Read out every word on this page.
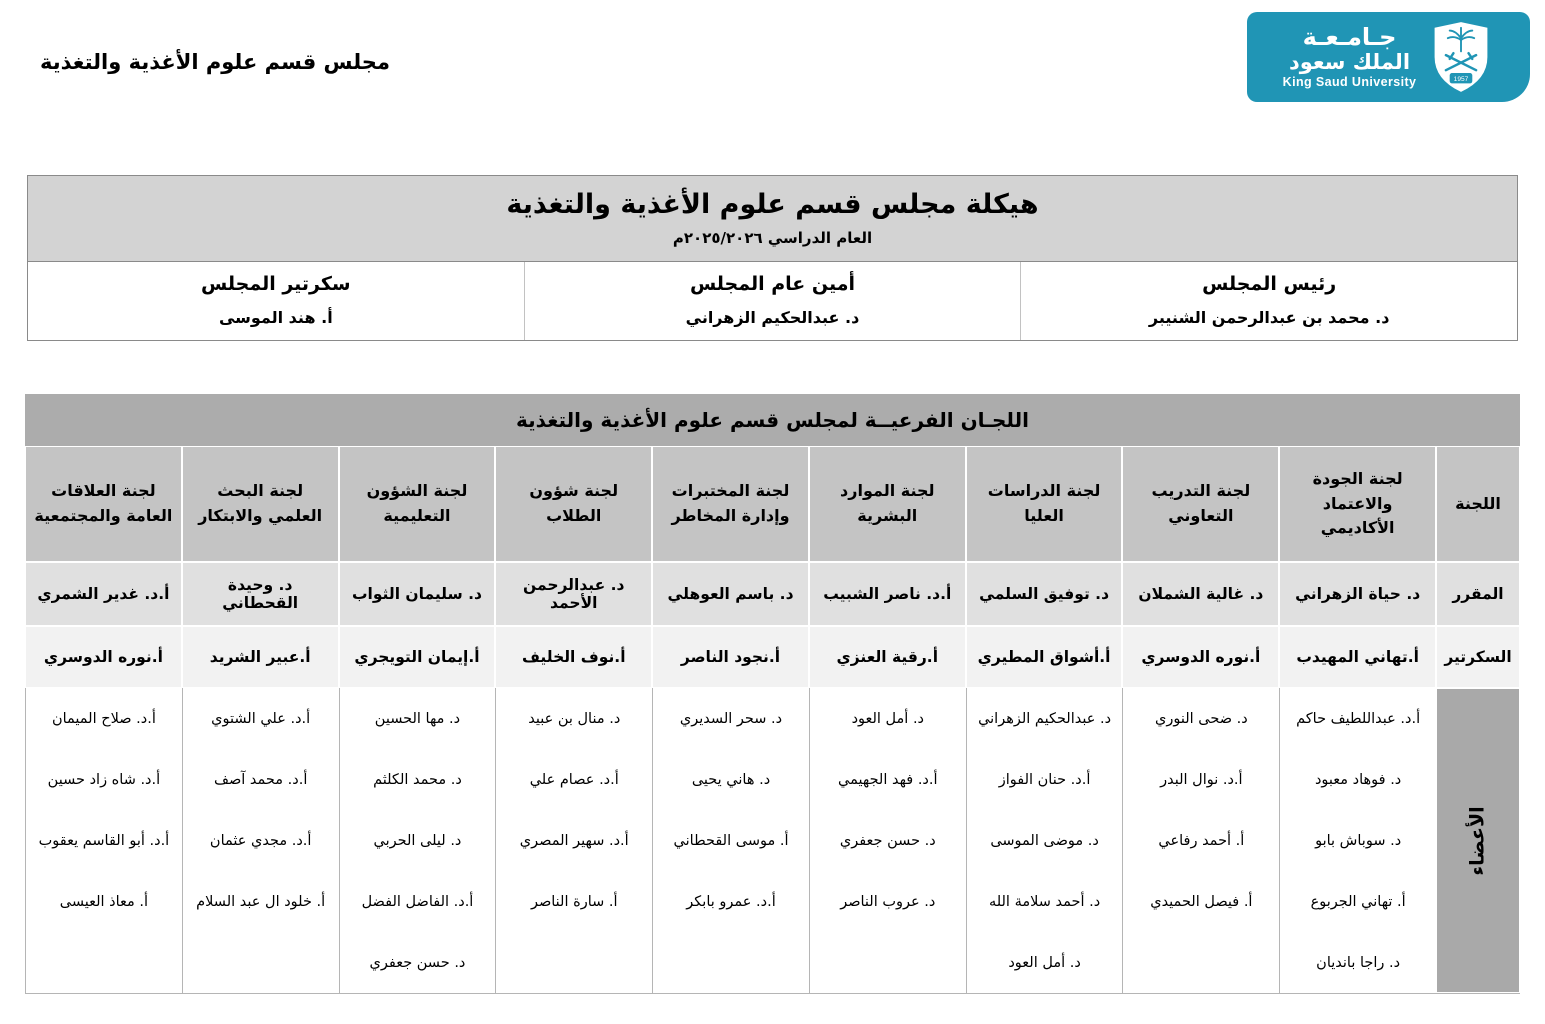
1957
جـامـعـة
الملك سعود
King Saud University
مجلس قسم علوم الأغذية والتغذية
هيكلة مجلس قسم علوم الأغذية والتغذية
العام الدراسي ٢٠٢٥/٢٠٢٦م
رئيس المجلس
د. محمد بن عبدالرحمن الشنيبر
أمين عام المجلس
د. عبدالحكيم الزهراني
سكرتير المجلس
أ. هند الموسى
اللجـان الفرعيــة لمجلس قسم علوم الأغذية والتغذية
اللجنة
لجنة الجودة والاعتماد الأكاديمي
لجنة التدريب التعاوني
لجنة الدراسات العليا
لجنة الموارد البشرية
لجنة المختبرات وإدارة المخاطر
لجنة شؤون الطلاب
لجنة الشؤون التعليمية
لجنة البحث العلمي والابتكار
لجنة العلاقات العامة والمجتمعية
المقرر
د. حياة الزهراني
د. غالية الشملان
د. توفيق السلمي
أ.د. ناصر الشبيب
د. باسم العوهلي
د. عبدالرحمن الأحمد
د. سليمان الثواب
د. وحيدة القحطاني
أ.د. غدير الشمري
السكرتير
أ.تهاني المهيدب
أ.نوره الدوسري
أ.أشواق المطيري
أ.رقية العنزي
أ.نجود الناصر
أ.نوف الخليف
أ.إيمان التويجري
أ.عبير الشريد
أ.نوره الدوسري
الأعضاء
أ.د. عبداللطيف حاكم
د. فوهاد معبود
د. سوباش بابو
أ. تهاني الجربوع
د. راجا بانديان
د. ضحى النوري
أ.د. نوال البدر
أ. أحمد رفاعي
أ. فيصل الحميدي
د. عبدالحكيم الزهراني
أ.د. حنان الفواز
د. موضى الموسى
د. أحمد سلامة الله
د. أمل العود
د. أمل العود
أ.د. فهد الجهيمي
د. حسن جعفري
د. عروب الناصر
د. سحر السديري
د. هاني يحيى
أ. موسى القحطاني
أ.د. عمرو بابكر
د. منال بن عبيد
أ.د. عصام علي
أ.د. سهير المصري
أ. سارة الناصر
د. مها الحسين
د. محمد الكلثم
د. ليلى الحربي
أ.د. الفاضل الفضل
د. حسن جعفري
أ.د. علي الشتوي
أ.د. محمد آصف
أ.د. مجدي عثمان
أ. خلود ال عبد السلام
أ.د. صلاح الميمان
أ.د. شاه زاد حسين
أ.د. أبو القاسم يعقوب
أ. معاذ العيسى
